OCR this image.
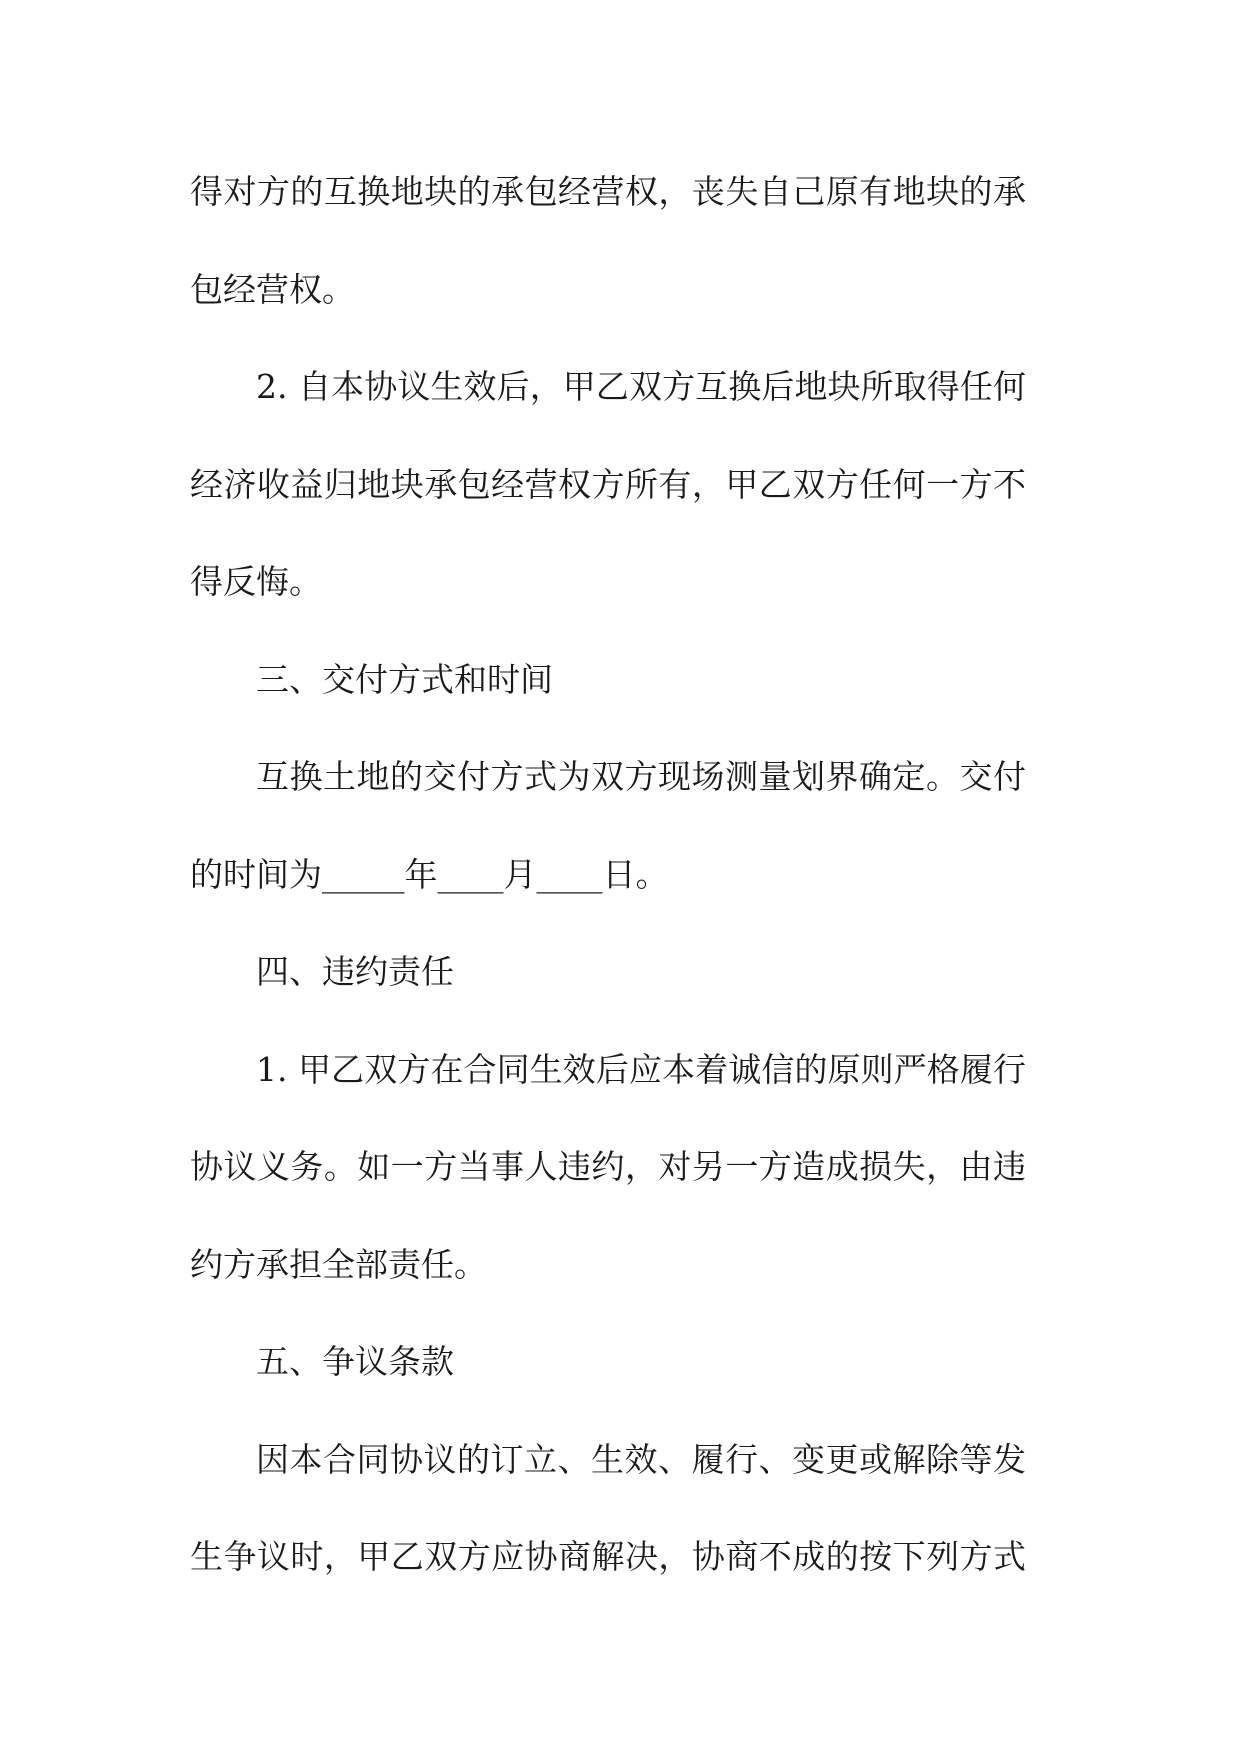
得对方的互换地块的承包经营权，丧失自己原有地块的承
包经营权。
2. 自本协议生效后，甲乙双方互换后地块所取得任何
经济收益归地块承包经营权方所有，甲乙双方任何一方不
得反悔。
三、交付方式和时间
互换土地的交付方式为双方现场测量划界确定。交付
的时间为_____年____月____日。
四、违约责任
1. 甲乙双方在合同生效后应本着诚信的原则严格履行
协议义务。如一方当事人违约，对另一方造成损失，由违
约方承担全部责任。
五、争议条款
因本合同协议的订立、生效、履行、变更或解除等发
生争议时，甲乙双方应协商解决，协商不成的按下列方式
